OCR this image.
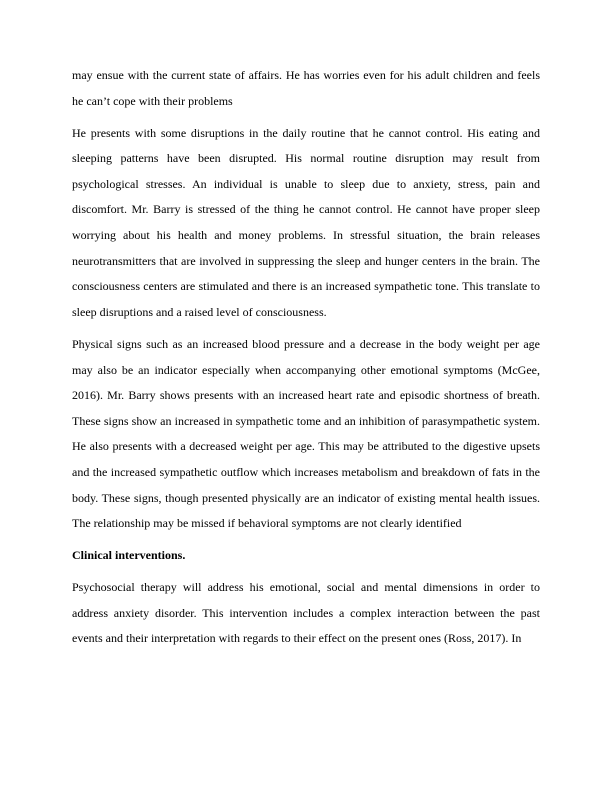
may ensue with the current state of affairs. He has worries even for his adult children and feels he can’t cope with their problems

He presents with some disruptions in the daily routine that he cannot control. His eating and sleeping patterns have been disrupted. His normal routine disruption may result from psychological stresses. An individual is unable to sleep due to anxiety, stress, pain and discomfort. Mr. Barry is stressed of the thing he cannot control. He cannot have proper sleep worrying about his health and money problems. In stressful situation, the brain releases neurotransmitters that are involved in suppressing the sleep and hunger centers in the brain. The consciousness centers are stimulated and there is an increased sympathetic tone. This translate to sleep disruptions and a raised level of consciousness.

Physical signs such as an increased blood pressure and a decrease in the body weight per age may also be an indicator especially when accompanying other emotional symptoms (McGee, 2016). Mr. Barry shows presents with an increased heart rate and episodic shortness of breath. These signs show an increased in sympathetic tome and an inhibition of parasympathetic system. He also presents with a decreased weight per age. This may be attributed to the digestive upsets and the increased sympathetic outflow which increases metabolism and breakdown of fats in the body. These signs, though presented physically are an indicator of existing mental health issues. The relationship may be missed if behavioral symptoms are not clearly identified

Clinical interventions.

Psychosocial therapy will address his emotional, social and mental dimensions in order to address anxiety disorder. This intervention includes a complex interaction between the past events and their interpretation with regards to their effect on the present ones (Ross, 2017). In
